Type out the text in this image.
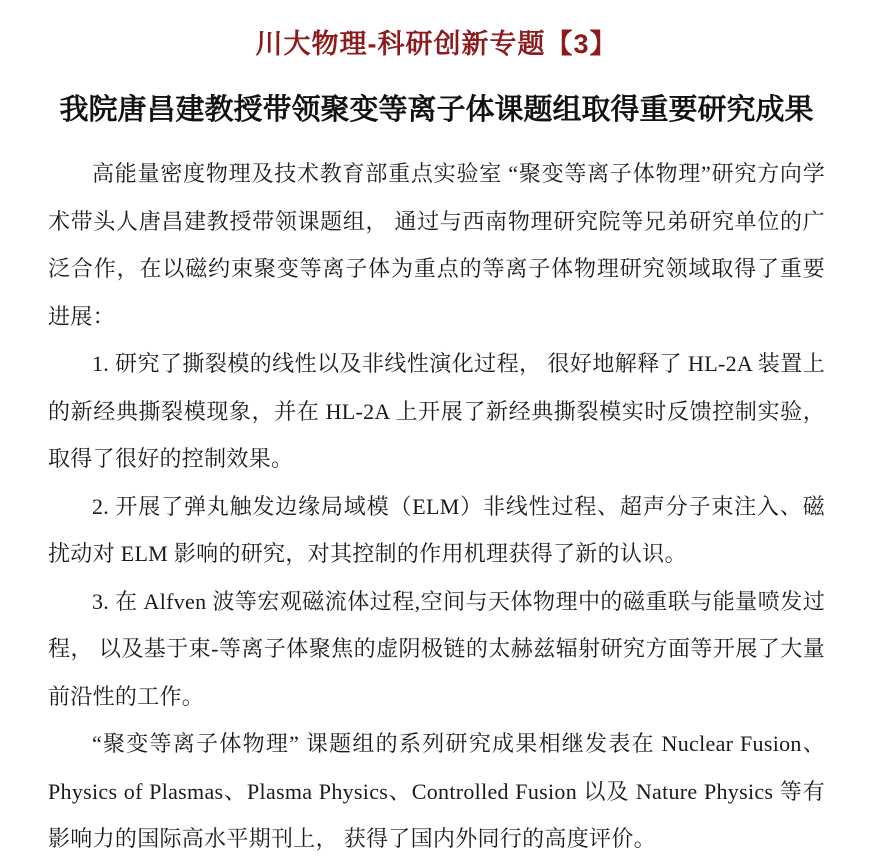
川大物理-科研创新专题【3】
我院唐昌建教授带领聚变等离子体课题组取得重要研究成果

高能量密度物理及技术教育部重点实验室 “聚变等离子体物理”研究方向学术带头人唐昌建教授带领课题组， 通过与西南物理研究院等兄弟研究单位的广泛合作，在以磁约束聚变等离子体为重点的等离子体物理研究领域取得了重要进展：

1. 研究了撕裂模的线性以及非线性演化过程， 很好地解释了 HL-2A 装置上的新经典撕裂模现象，并在 HL-2A 上开展了新经典撕裂模实时反馈控制实验，取得了很好的控制效果。

2. 开展了弹丸触发边缘局域模（ELM）非线性过程、超声分子束注入、磁扰动对 ELM 影响的研究，对其控制的作用机理获得了新的认识。

3. 在 Alfven 波等宏观磁流体过程,空间与天体物理中的磁重联与能量喷发过程， 以及基于束-等离子体聚焦的虚阴极链的太赫兹辐射研究方面等开展了大量前沿性的工作。

“聚变等离子体物理” 课题组的系列研究成果相继发表在 Nuclear Fusion、Physics of Plasmas、Plasma Physics、Controlled Fusion 以及 Nature Physics 等有影响力的国际高水平期刊上， 获得了国内外同行的高度评价。
